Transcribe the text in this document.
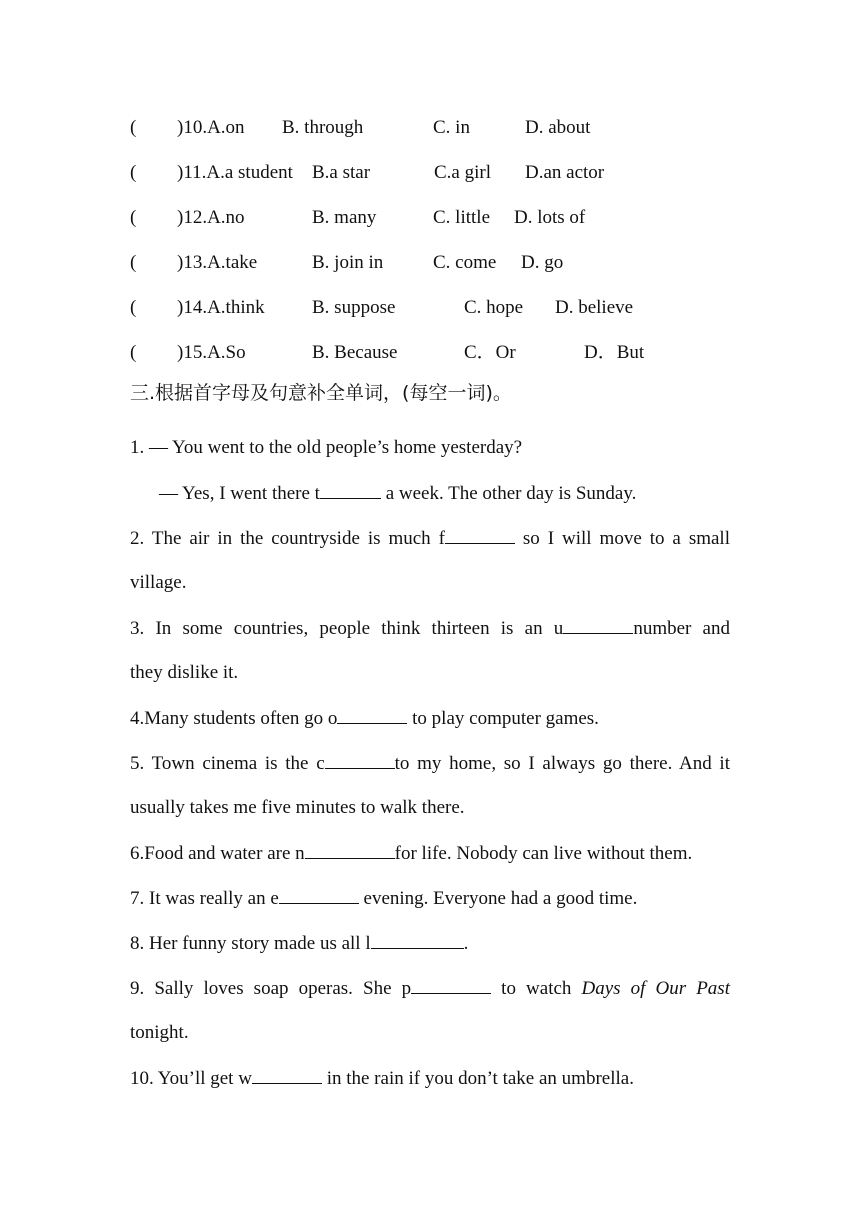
( )10.A.on B. through	C. in	D. about
( )11.A.a student B.a star	C.a girl D.an actor
( )12.A.no	B. many	C. little D. lots of
( )13.A.take	B. join in	C. come D. go
( )14.A.think B. suppose	C. hope D. believe
( )15.A.So	B. Because	C．Or	D．But
三.根据首字母及句意补全单词，(每空一词)。
1. — You went to the old people’s home yesterday?
— Yes, I went there t	a week. The other day is Sunday.
2. The air in the countryside is much f	so I will move to a small
village.
3. In some countries, people think thirteen is an u	number and
they dislike it.
4.Many students often go o	to play computer games.
5. Town cinema is the c	to my home, so I always go there. And it
usually takes me five minutes to walk there.
6.Food and water are n	for life. Nobody can live without them.
7. It was really an e	evening. Everyone had a good time.
8. Her funny story made us all l	.
9. Sally loves soap operas. She p	to watch Days of Our Past
tonight.
10. You’ll get w	in the rain if you don’t take an umbrella.
